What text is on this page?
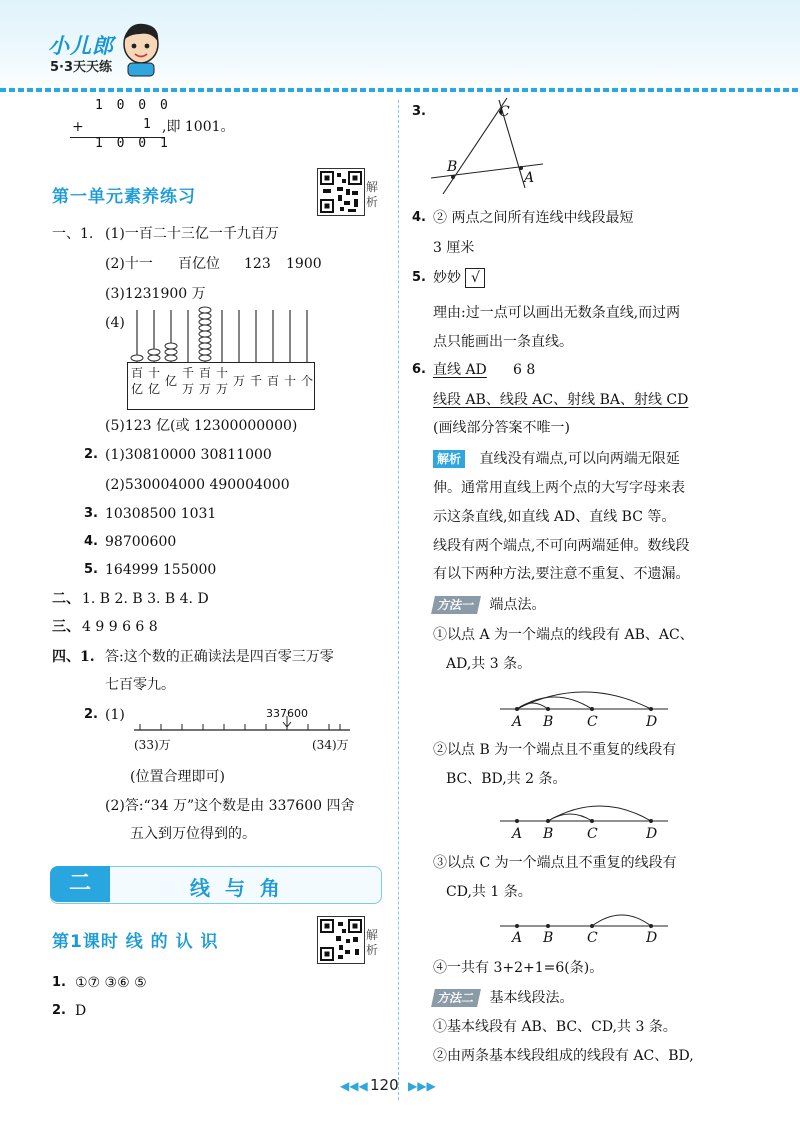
小儿郎
5·3天天练
1 0 0 0
+	1
1 0 0 1
,即 1001。
第一单元素养练习	解析
一、1. (1)一百二十三亿一千九百万
(2)十一 百亿位 123 1900
(3)1231900 万
(4)
百 十
亿
千 百 十
万 千 百 十 个
亿 亿 万 万 万
(5)123 亿(或 12300000000)
2. (1)30810000 30811000
(2)530004000 490004000
3. 10308500 1031
4. 98700600
5. 164999 155000
二、 1. B 2. B 3. B 4. D
三、 4 9 9 6 6 8
四、1. 答:这个数的正确读法是四百零三万零
七百零九。
2. (1)	337600
(33)万	(34)万
(位置合理即可)
(2)答:“34 万”这个数是由 337600 四舍
五入到万位得到的。
二	线 与 角
第1课时 线 的 认 识	解析
1. ①⑦ ③⑥ ⑤
2. D
3.	C
B
A
4. ② 两点之间所有连线中线段最短
3 厘米
5. 妙妙 √
理由:过一点可以画出无数条直线,而过两
点只能画出一条直线。
6. 直线 AD 6 8
线段 AB、线段 AC、射线 BA、射线 CD
(画线部分答案不唯一)
解析 直线没有端点,可以向两端无限延
伸。通常用直线上两个点的大写字母来表
示这条直线,如直线 AD、直线 BC 等。
线段有两个端点,不可向两端延伸。数线段
有以下两种方法,要注意不重复、不遗漏。
方法一 端点法。
①以点 A 为一个端点的线段有 AB、AC、
AD,共 3 条。
A B C	D
②以点 B 为一个端点且不重复的线段有
BC、BD,共 2 条。
A B C	D
③以点 C 为一个端点且不重复的线段有
CD,共 1 条。
A B C	D
④一共有 3+2+1=6(条)。
方法二 基本线段法。
①基本线段有 AB、BC、CD,共 3 条。
②由两条基本线段组成的线段有 AC、BD,
◀◀◀ 120 ▶▶▶
